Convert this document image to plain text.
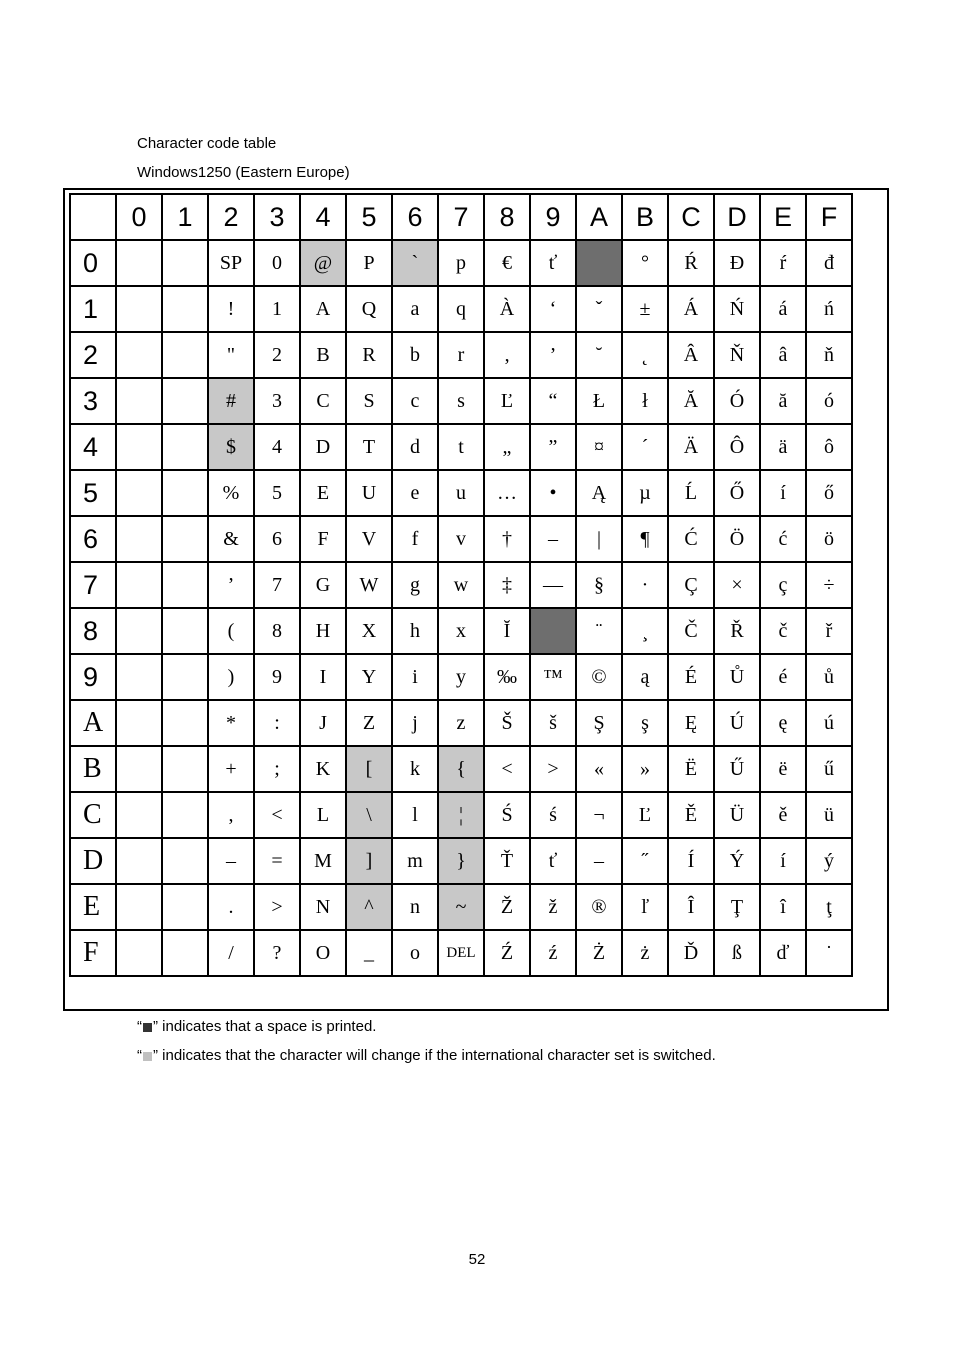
Character code table
Windows1250 (Eastern Europe)
	0	1	2	3	4	5	6	7	8	9	A	B	C	D	E	F
0			SP	0	@	P	`	p	€	ť		°	Ŕ	Đ	ŕ	đ
1			!	1	A	Q	a	q	À	‘	ˇ	±	Á	Ń	á	ń
2			"	2	B	R	b	r	‚	’	˘	˛	Â	Ň	â	ň
3			#	3	C	S	c	s	Ľ	“	Ł	ł	Ă	Ó	ă	ó
4			$	4	D	T	d	t	„	”	¤	´	Ä	Ô	ä	ô
5			%	5	E	U	e	u	…	•	Ą	µ	Ĺ	Ő	í	ő
6			&	6	F	V	f	v	†	–	|	¶	Ć	Ö	ć	ö
7			’	7	G	W	g	w	‡	—	§	·	Ç	×	ç	÷
8			(	8	H	X	h	x	Ĭ		¨	¸	Č	Ř	č	ř
9			)	9	I	Y	i	y	‰	™	©	ą	É	Ů	é	ů
A			*	:	J	Z	j	z	Š	š	Ş	ş	Ę	Ú	ę	ú
B			+	;	K	[	k	{	<	>	«	»	Ë	Ű	ë	ű
C			,	<	L	\	l	¦	Ś	ś	¬	Ľ	Ě	Ü	ě	ü
D			–	=	M	]	m	}	Ť	ť	–	˝	Í	Ý	í	ý
E			.	>	N	^	n	~	Ž	ž	®	ľ	Î	Ţ	î	ţ
F			/	?	O	_	o	DEL	Ź	ź	Ż	ż	Ď	ß	ď	˙
“ ” indicates that a space is printed.
“ ” indicates that the character will change if the international character set is switched.
52
